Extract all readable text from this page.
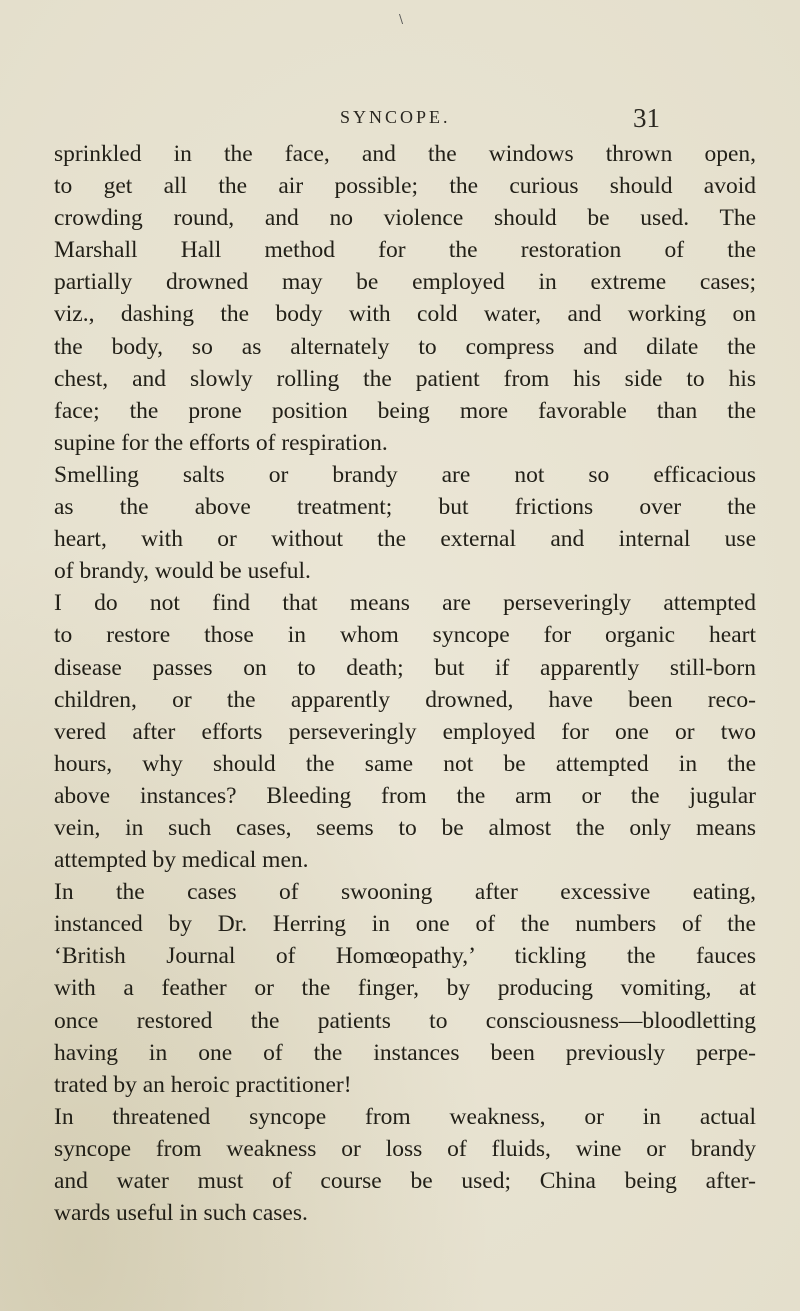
\
SYNCOPE.	31
sprinkled in the face, and the windows thrown open,
to get all the air possible; the curious should avoid
crowding round, and no violence should be used. The
Marshall Hall method for the restoration of the
partially drowned may be employed in extreme cases;
viz., dashing the body with cold water, and working on
the body, so as alternately to compress and dilate the
chest, and slowly rolling the patient from his side to his
face; the prone position being more favorable than the
supine for the efforts of respiration.
Smelling salts or brandy are not so efficacious
as the above treatment; but frictions over the
heart, with or without the external and internal use
of brandy, would be useful.
I do not find that means are perseveringly attempted
to restore those in whom syncope for organic heart
disease passes on to death; but if apparently still-born
children, or the apparently drowned, have been reco-
vered after efforts perseveringly employed for one or two
hours, why should the same not be attempted in the
above instances? Bleeding from the arm or the jugular
vein, in such cases, seems to be almost the only means
attempted by medical men.
In the cases of swooning after excessive eating,
instanced by Dr. Herring in one of the numbers of the
‘British Journal of Homœopathy,’ tickling the fauces
with a feather or the finger, by producing vomiting, at
once restored the patients to consciousness—bloodletting
having in one of the instances been previously perpe-
trated by an heroic practitioner!
In threatened syncope from weakness, or in actual
syncope from weakness or loss of fluids, wine or brandy
and water must of course be used; China being after-
wards useful in such cases.
